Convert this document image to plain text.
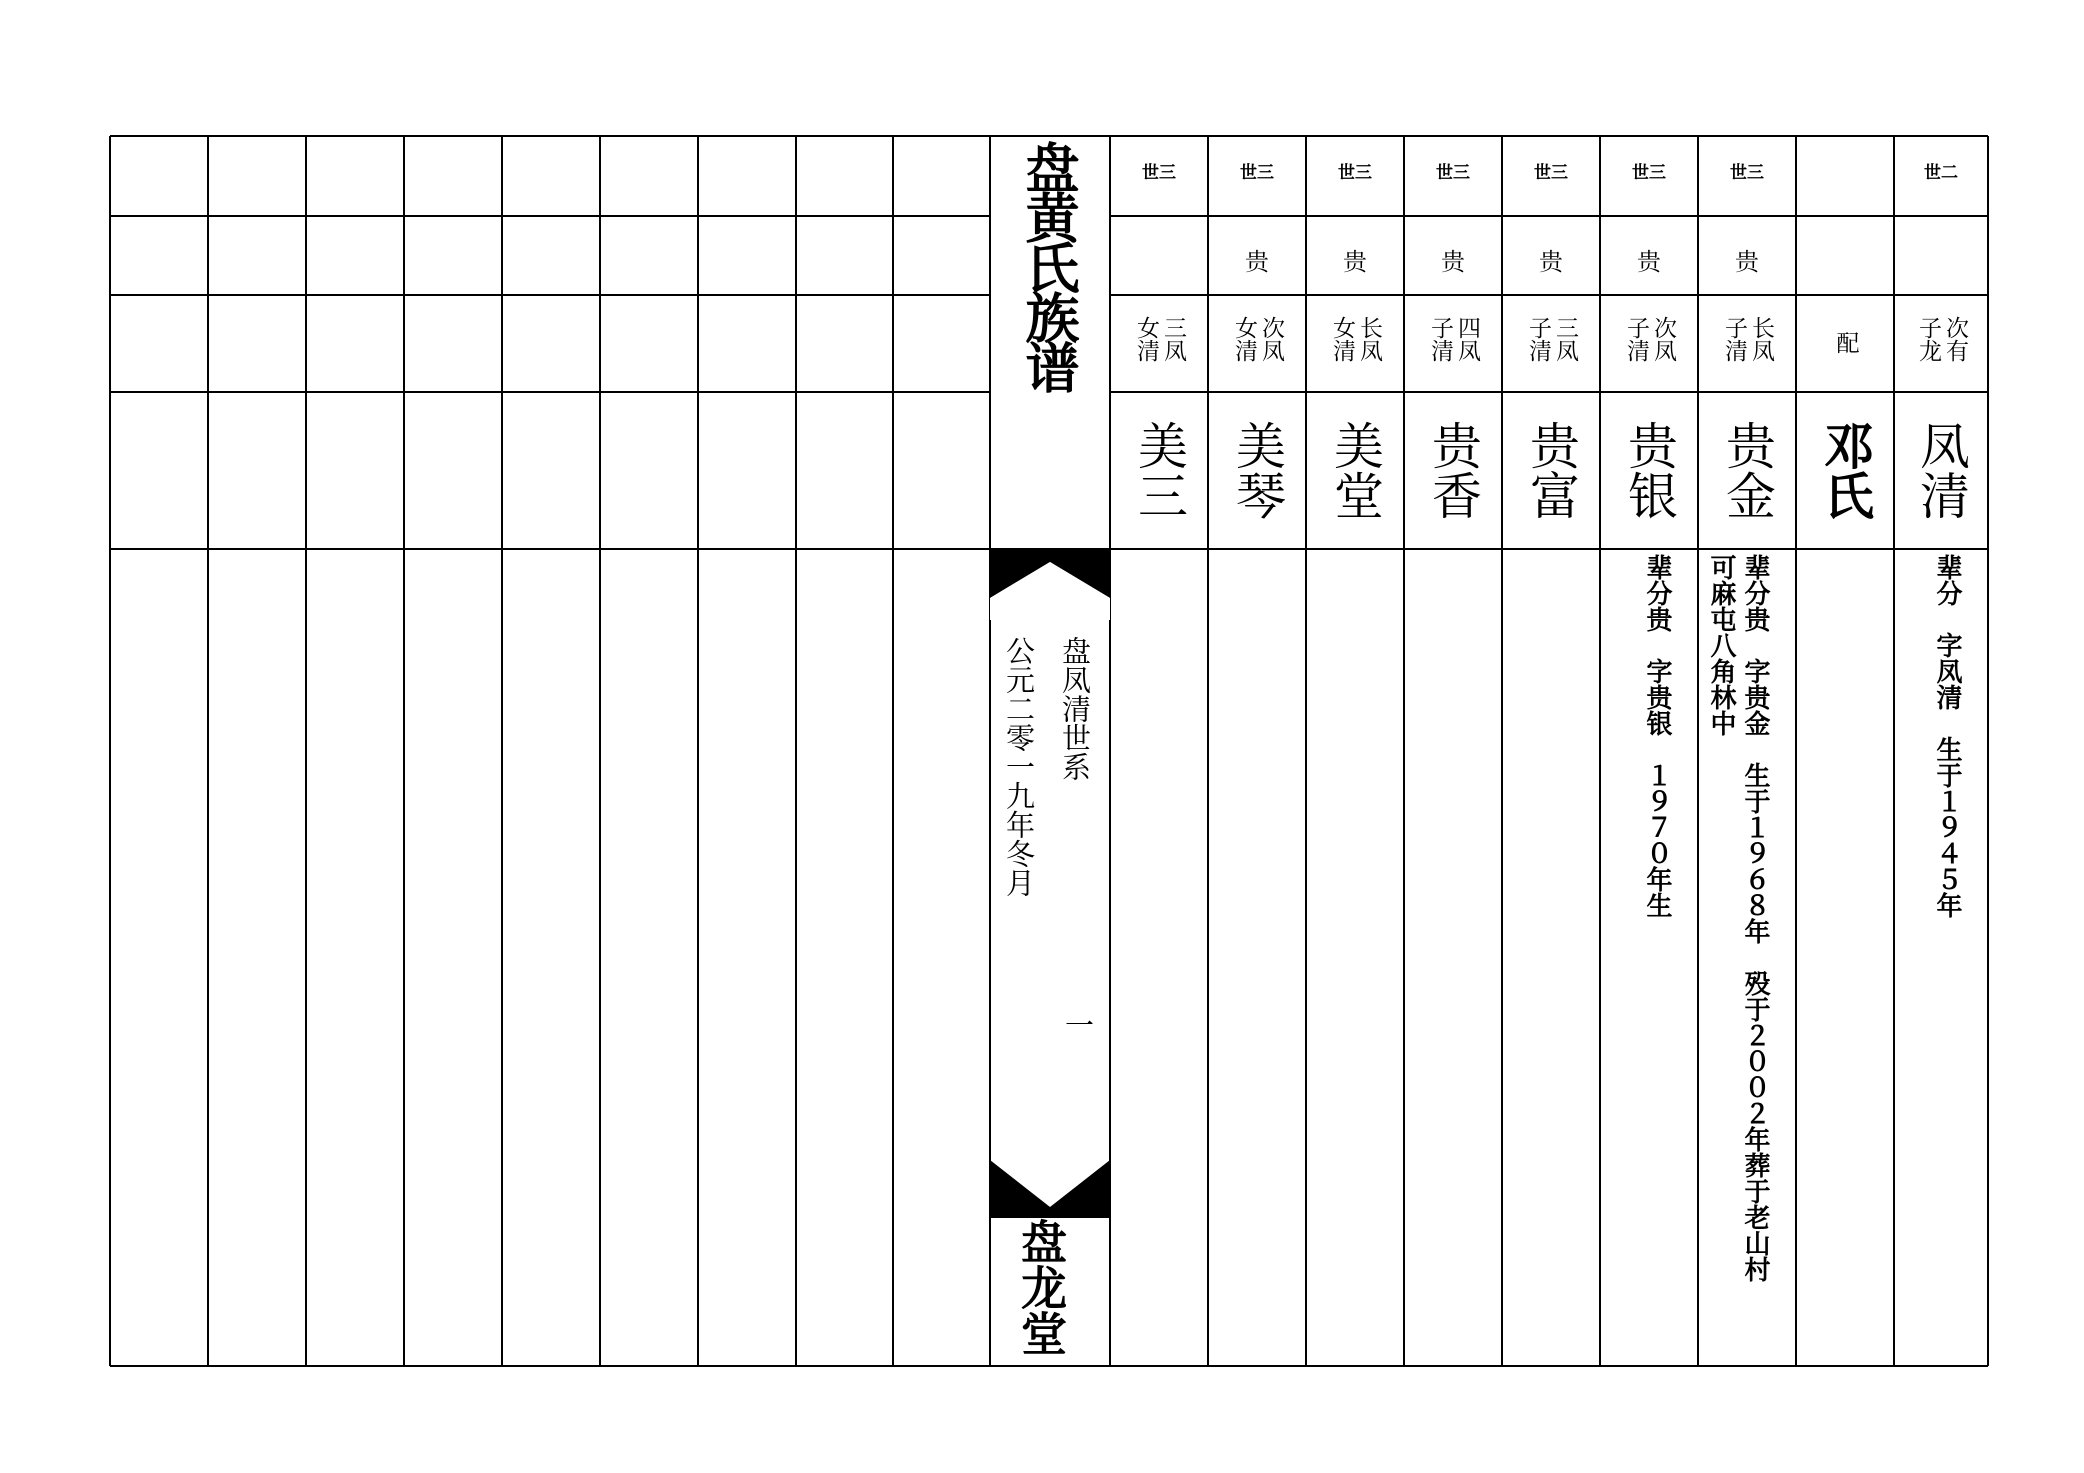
盘黄氏族谱
盘凤清世系
公元二零一九年冬月
一
盘龙堂
世二
次有
子龙
凤清
辈分　字凤清　生于１９４５年
配
邓氏
世三
贵
长凤
子清
贵金
辈分贵　字贵金　生于１９６８年　殁于２００２年葬于老山村
可麻屯八角林中
世三
贵
次凤
子清
贵银
辈分贵　字贵银　１９７０年生
世三
贵
三凤
子清
贵富
世三
贵
四凤
子清
贵香
世三
贵
长凤
女清
美堂
世三
贵
次凤
女清
美琴
世三
三凤
女清
美三
